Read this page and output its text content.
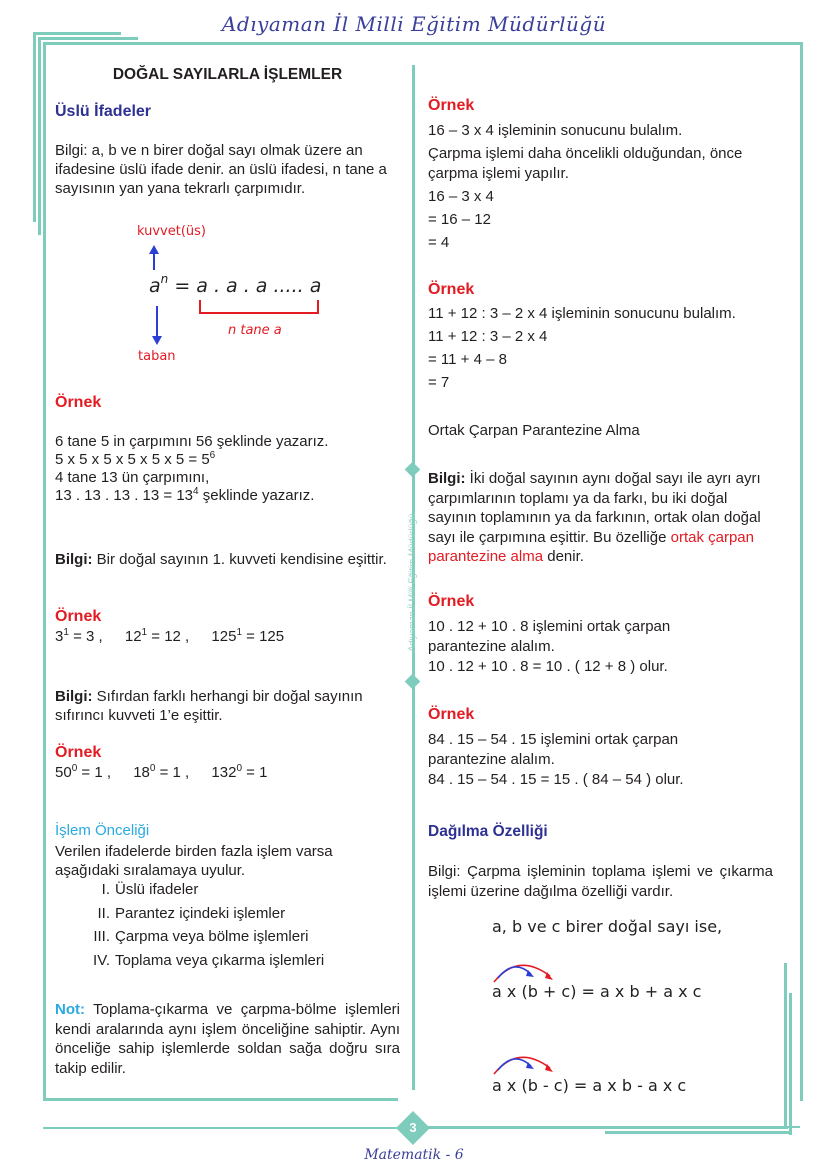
Adıyaman İl Milli Eğitim Müdürlüğü
3
Adıyaman İl Milli Eğitim Müdürlüğü
DOĞAL SAYILARLA İŞLEMLER
Üslü İfadeler
Bilgi: a, b ve n birer doğal sayı olmak üzere an ifadesine üslü ifade denir. an üslü ifadesi, n tane a sayısının yan yana tekrarlı çarpımıdır.
kuvvet(üs)
$a^n = a$ . a . a ..... a
n tane a
taban
Örnek
6 tane 5 in çarpımını 56 şeklinde yazarız.
5 x 5 x 5 x 5 x 5 x $5 = 5^6$
4 tane 13 ün çarpımını,
13 . 13 . 13 . $13 = 13^4$ şeklinde yazarız.
Bilgi: Bir doğal sayının 1. kuvveti kendisine eşittir.
Örnek
$3^1 = 3$ , $12^1 = 12$ , $125^1 = 125$
Bilgi: Sıfırdan farklı herhangi bir doğal sayının sıfırıncı kuvveti 1’e eşittir.
Örnek
$50^0 = 1$ , $18^0 = 1$ , $132^0 = 1$
İşlem Önceliği
Verilen ifadelerde birden fazla işlem varsa aşağıdaki sıralamaya uyulur.
I. Üslü ifadeler
II. Parantez içindeki işlemler
III. Çarpma veya bölme işlemleri
IV. Toplama veya çıkarma işlemleri
Not: Toplama-çıkarma ve çarpma-bölme işlemleri kendi aralarında aynı işlem önceliğine sahiptir. Aynı önceliğe sahip işlemlerde soldan sağa doğru sıra takip edilir.
Örnek
16 – 3 x 4 işleminin sonucunu bulalım.
Çarpma işlemi daha öncelikli olduğundan, önce çarpma işlemi yapılır.
16 – 3 x 4
= 16 – 12
= 4
Örnek
11 + 12 : 3 – 2 x 4 işleminin sonucunu bulalım.
11 + 12 : 3 – 2 x 4
= 11 + 4 – 8
= 7
Ortak Çarpan Parantezine Alma
Bilgi: İki doğal sayının aynı doğal sayı ile ayrı ayrı çarpımlarının toplamı ya da farkı, bu iki doğal sayının toplamının ya da farkının, ortak olan doğal sayı ile çarpımına eşittir. Bu özelliğe ortak çarpan parantezine alma denir.
Örnek
10 . 12 + 10 . 8 işlemini ortak çarpan parantezine alalım.
10 . 12 + 10 . 8 = 10 . ( 12 + 8 ) olur.
Örnek
84 . 15 – 54 . 15 işlemini ortak çarpan parantezine alalım.
84 . 15 – 54 . 15 = 15 . ( 84 – 54 ) olur.
Dağılma Özelliği
Bilgi: Çarpma işleminin toplama işlemi ve çıkarma işlemi üzerine dağılma özelliği vardır.
a, b ve c birer doğal sayı ise,
a x (b + c) = a x b + a x c
a x (b - c) = a x b - a x c
Matematik - 6
